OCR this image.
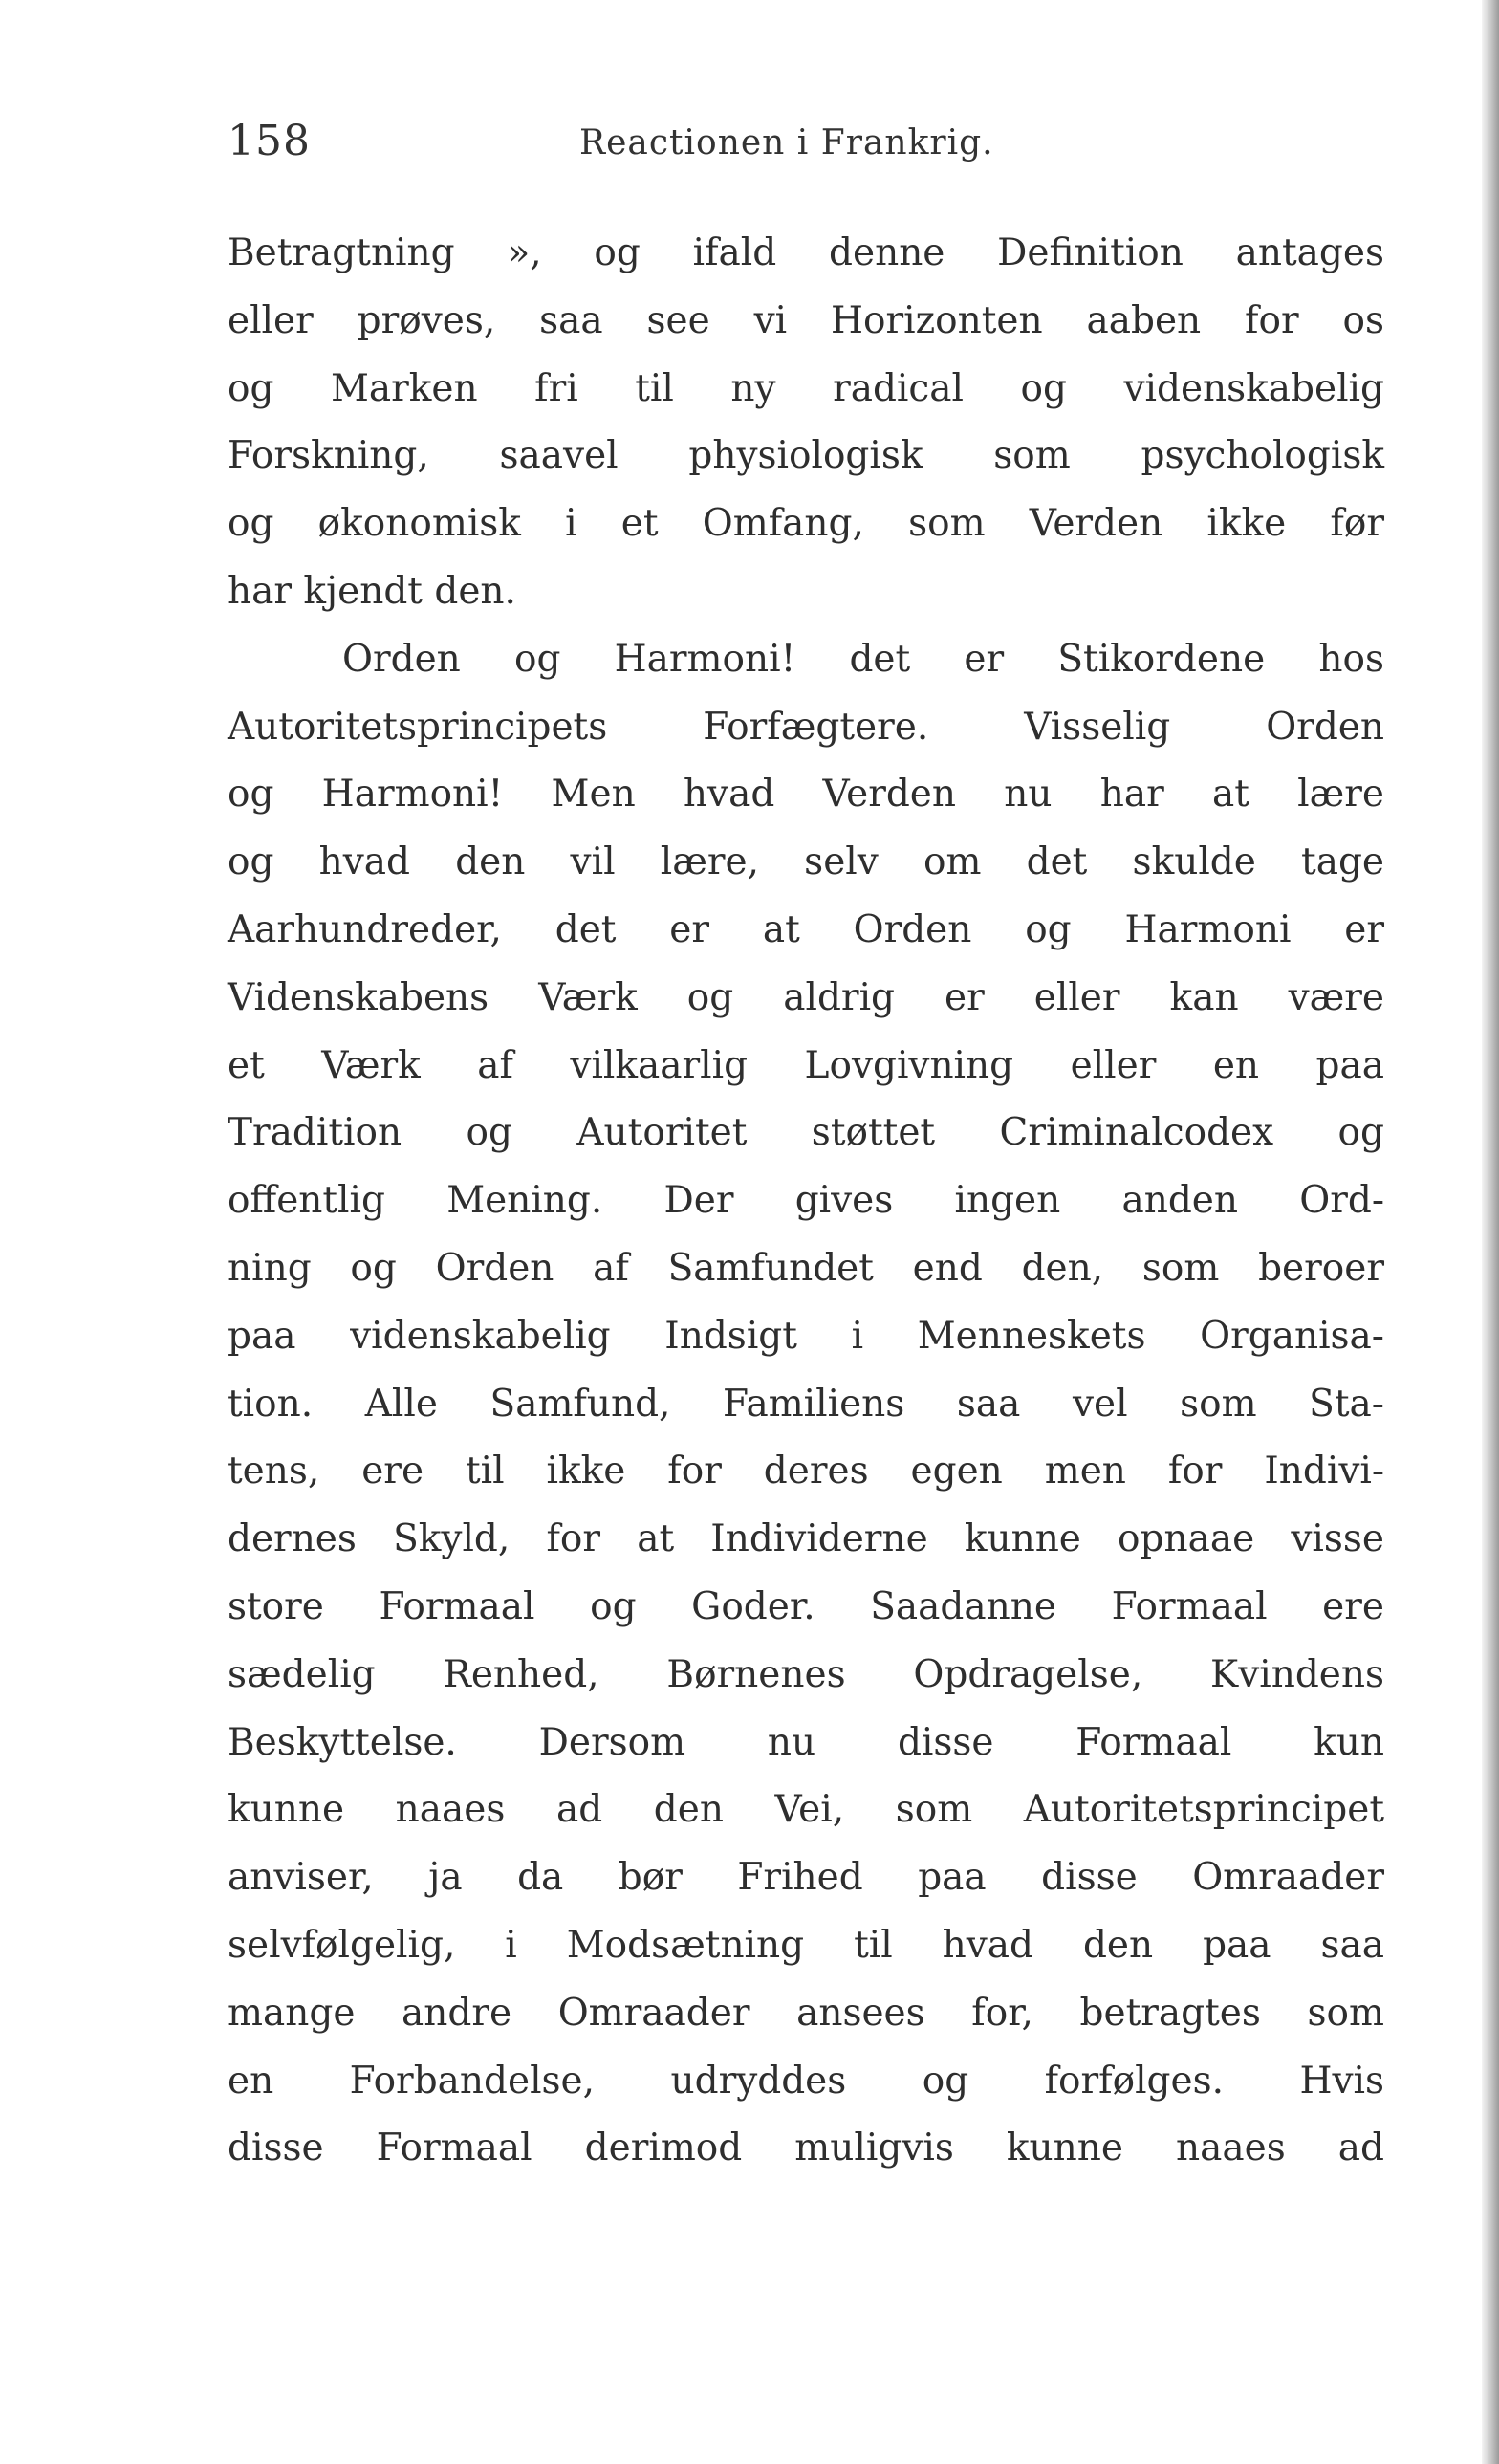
158	Reactionen i Frankrig.
Betragtning », og ifald denne Definition antages
eller prøves, saa see vi Horizonten aaben for os
og Marken fri til ny radical og videnskabelig
Forskning, saavel physiologisk som psychologisk
og økonomisk i et Omfang, som Verden ikke før
har kjendt den.
Orden og Harmoni! det er Stikordene hos
Autoritetsprincipets Forfægtere. Visselig Orden
og Harmoni! Men hvad Verden nu har at lære
og hvad den vil lære, selv om det skulde tage
Aarhundreder, det er at Orden og Harmoni er
Videnskabens Værk og aldrig er eller kan være
et Værk af vilkaarlig Lovgivning eller en paa
Tradition og Autoritet støttet Criminalcodex og
offentlig Mening. Der gives ingen anden Ord-
ning og Orden af Samfundet end den, som beroer
paa videnskabelig Indsigt i Menneskets Organisa-
tion. Alle Samfund, Familiens saa vel som Sta-
tens, ere til ikke for deres egen men for Indivi-
dernes Skyld, for at Individerne kunne opnaae visse
store Formaal og Goder. Saadanne Formaal ere
sædelig Renhed, Børnenes Opdragelse, Kvindens
Beskyttelse. Dersom nu disse Formaal kun
kunne naaes ad den Vei, som Autoritetsprincipet
anviser, ja da bør Frihed paa disse Omraader
selvfølgelig, i Modsætning til hvad den paa saa
mange andre Omraader ansees for, betragtes som
en Forbandelse, udryddes og forfølges. Hvis
disse Formaal derimod muligvis kunne naaes ad
